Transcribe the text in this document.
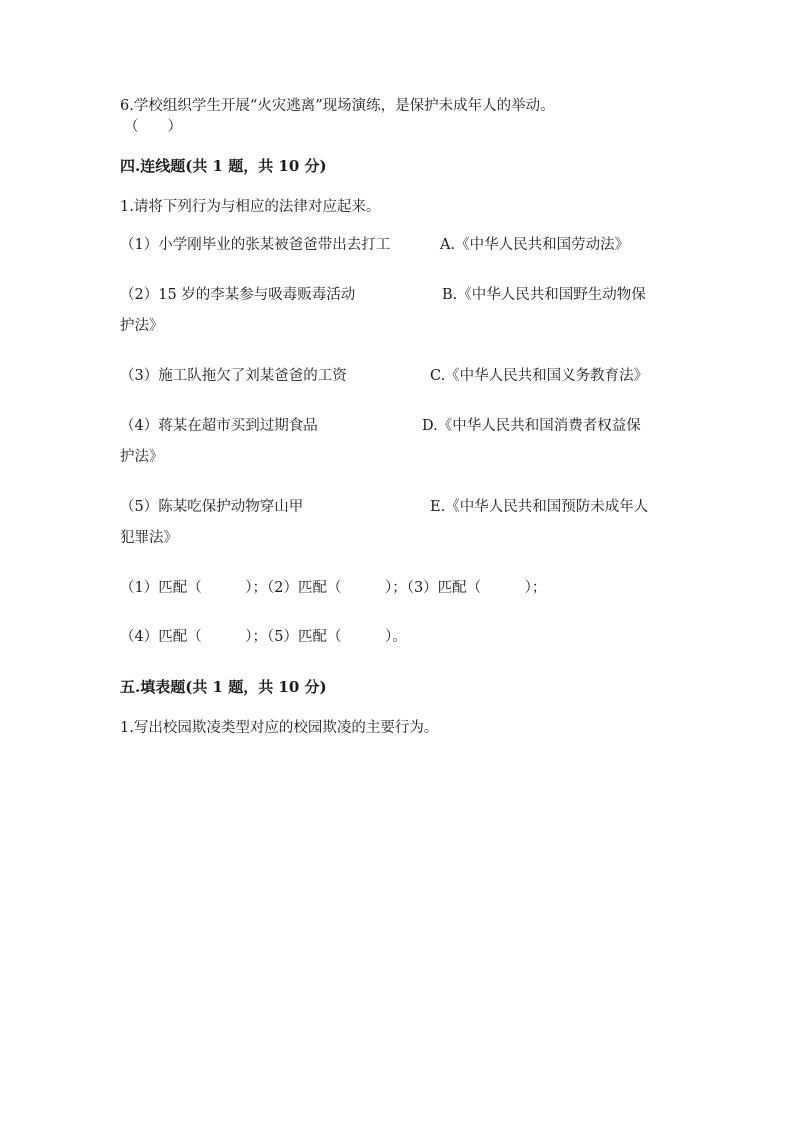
6.学校组织学生开展“火灾逃离”现场演练，是保护未成年人的举动。
（　　）
四.连线题(共 1 题，共 10 分)
1.请将下列行为与相应的法律对应起来。
（1）小学刚毕业的张某被爸爸带出去打工	A.《中华人民共和国劳动法》
（2）15 岁的李某参与吸毒贩毒活动	B.《中华人民共和国野生动物保
护法》
（3）施工队拖欠了刘某爸爸的工资	C.《中华人民共和国义务教育法》
（4）蒋某在超市买到过期食品	D.《中华人民共和国消费者权益保
护法》
（5）陈某吃保护动物穿山甲	E.《中华人民共和国预防未成年人
犯罪法》
（1）匹配（　　　）；（2）匹配（　　　）；（3）匹配（　　　）；
（4）匹配（　　　）；（5）匹配（　　　）。
五.填表题(共 1 题，共 10 分)
1.写出校园欺凌类型对应的校园欺凌的主要行为。
